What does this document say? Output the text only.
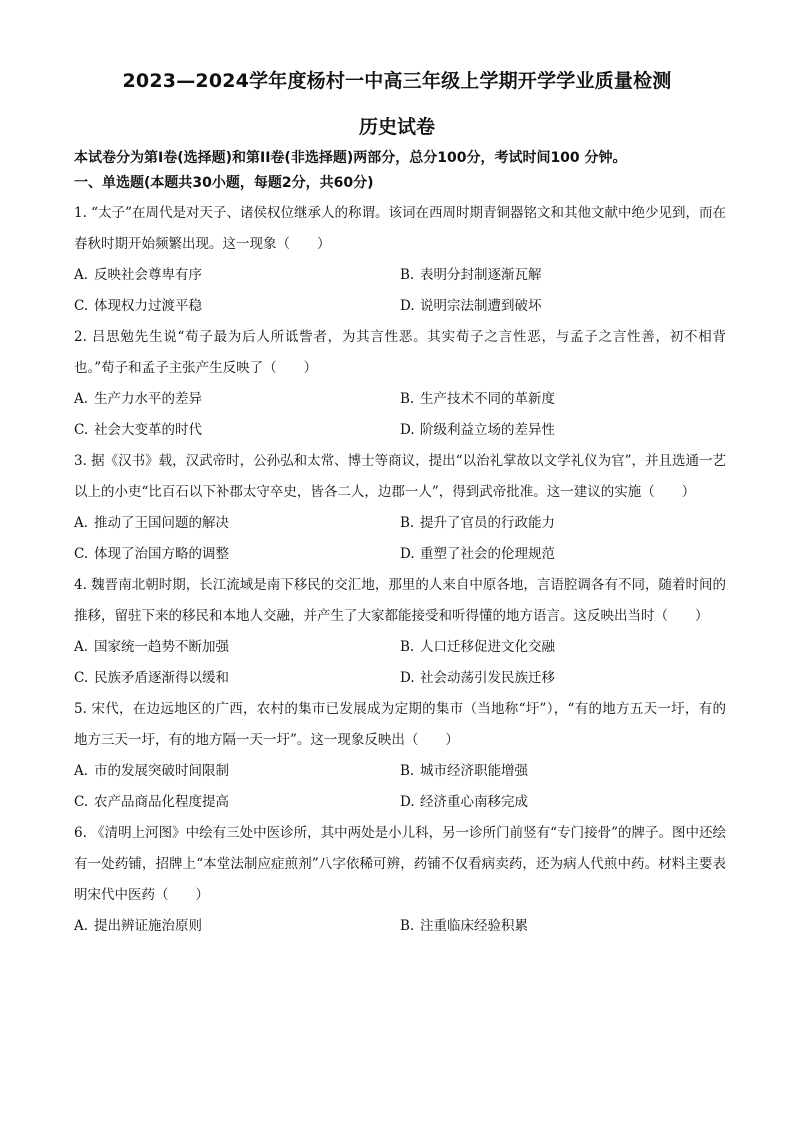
2023—2024学年度杨村一中高三年级上学期开学学业质量检测
历史试卷
本试卷分为第Ⅰ卷(选择题)和第II卷(非选择题)两部分，总分100分，考试时间100 分钟。
一、单选题(本题共30小题，每题2分，共60分)
1. “太子”在周代是对天子、诸侯权位继承人的称谓。该词在西周时期青铜器铭文和其他文献中绝少见到，而在春秋时期开始频繁出现。这一现象（　　）
A. 反映社会尊卑有序	B. 表明分封制逐渐瓦解
C. 体现权力过渡平稳	D. 说明宗法制遭到破坏
2. 吕思勉先生说“荀子最为后人所诋訾者，为其言性恶。其实荀子之言性恶，与孟子之言性善，初不相背也。”荀子和孟子主张产生反映了（　　）
A. 生产力水平的差异	B. 生产技术不同的革新度
C. 社会大变革的时代	D. 阶级利益立场的差异性
3. 据《汉书》载，汉武帝时，公孙弘和太常、博士等商议，提出“以治礼掌故以文学礼仪为官”，并且选通一艺以上的小吏“比百石以下补郡太守卒史，皆各二人，边郡一人”，得到武帝批准。这一建议的实施（　　）
A. 推动了王国问题的解决	B. 提升了官员的行政能力
C. 体现了治国方略的调整	D. 重塑了社会的伦理规范
4. 魏晋南北朝时期，长江流域是南下移民的交汇地，那里的人来自中原各地，言语腔调各有不同，随着时间的推移，留驻下来的移民和本地人交融，并产生了大家都能接受和听得懂的地方语言。这反映出当时（　　）
A. 国家统一趋势不断加强	B. 人口迁移促进文化交融
C. 民族矛盾逐渐得以缓和	D. 社会动荡引发民族迁移
5. 宋代，在边远地区的广西，农村的集市已发展成为定期的集市（当地称“圩”），“有的地方五天一圩，有的地方三天一圩，有的地方隔一天一圩”。这一现象反映出（　　）
A. 市的发展突破时间限制	B. 城市经济职能增强
C. 农产品商品化程度提高	D. 经济重心南移完成
6. 《清明上河图》中绘有三处中医诊所，其中两处是小儿科，另一诊所门前竖有“专门接骨”的牌子。图中还绘有一处药铺，招牌上“本堂法制应症煎剂”八字依稀可辨，药铺不仅看病卖药，还为病人代煎中药。材料主要表明宋代中医药（　　）
A. 提出辨证施治原则	B. 注重临床经验积累
